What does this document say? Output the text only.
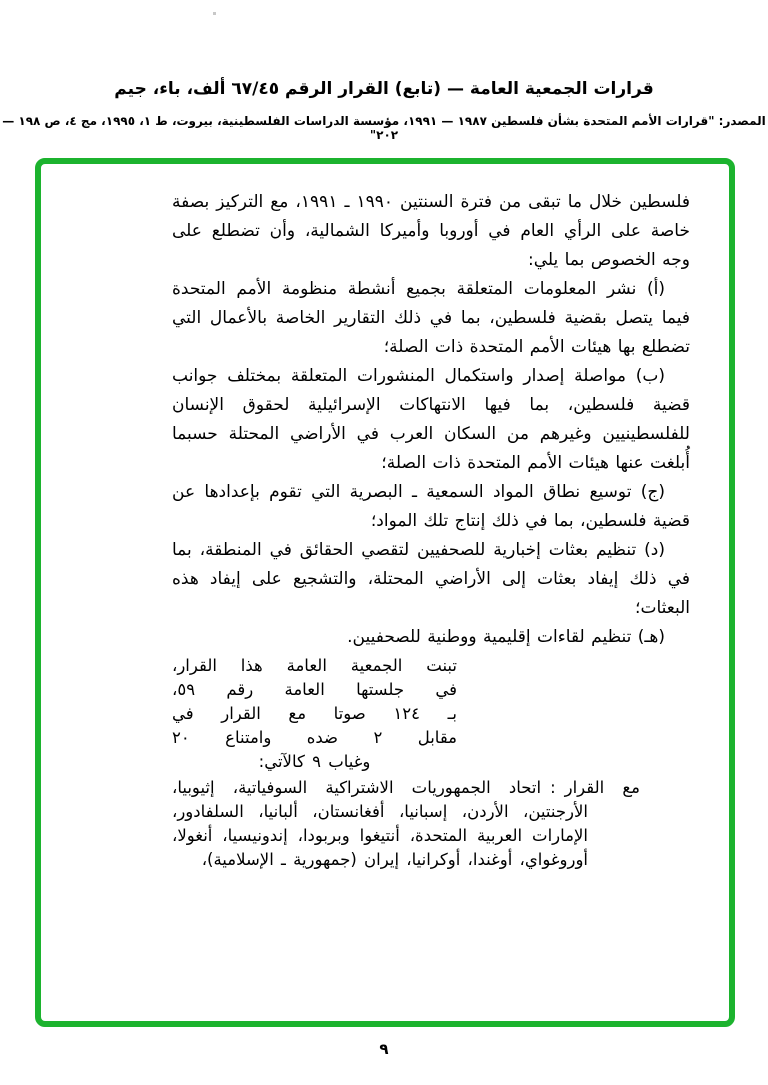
قرارات الجمعية العامة — (تابع) القرار الرقم ٦٧/٤٥ ألف، باء، جيم
المصدر: "قرارات الأمم المتحدة بشأن فلسطين ١٩٨٧ — ١٩٩١، مؤسسة الدراسات الفلسطينية، بيروت، ط ١، ١٩٩٥، مج ٤، ص ١٩٨ — ٢٠٢"

فلسطين خلال ما تبقى من فترة السنتين ١٩٩٠ ـ ١٩٩١، مع التركيز بصفة خاصة على الرأي العام في أوروبا وأميركا الشمالية، وأن تضطلع على وجه الخصوص بما يلي:

(أ) نشر المعلومات المتعلقة بجميع أنشطة منظومة الأمم المتحدة فيما يتصل بقضية فلسطين، بما في ذلك التقارير الخاصة بالأعمال التي تضطلع بها هيئات الأمم المتحدة ذات الصلة؛

(ب) مواصلة إصدار واستكمال المنشورات المتعلقة بمختلف جوانب قضية فلسطين، بما فيها الانتهاكات الإسرائيلية لحقوق الإنسان للفلسطينيين وغيرهم من السكان العرب في الأراضي المحتلة حسبما أُبلغت عنها هيئات الأمم المتحدة ذات الصلة؛

(ج) توسيع نطاق المواد السمعية ـ البصرية التي تقوم بإعدادها عن قضية فلسطين، بما في ذلك إنتاج تلك المواد؛

(د) تنظيم بعثات إخبارية للصحفيين لتقصي الحقائق في المنطقة، بما في ذلك إيفاد بعثات إلى الأراضي المحتلة، والتشجيع على إيفاد هذه البعثات؛

(هـ) تنظيم لقاءات إقليمية ووطنية للصحفيين.

تبنت الجمعية العامة هذا القرار،
في جلستها العامة رقم ٥٩،
بـ ١٢٤ صوتا مع القرار في
مقابل ٢ ضده وامتناع ٢٠
وغياب ٩ كالآتي:
مع القرار:اتحاد الجمهوريات الاشتراكية السوفياتية، إثيوبيا، الأرجنتين، الأردن، إسبانيا، أفغانستان، ألبانيا، السلفادور، الإمارات العربية المتحدة، أنتيغوا وبربودا، إندونيسيا، أنغولا، أوروغواي، أوغندا، أوكرانيا، إيران (جمهورية ـ الإسلامية)،
٩
